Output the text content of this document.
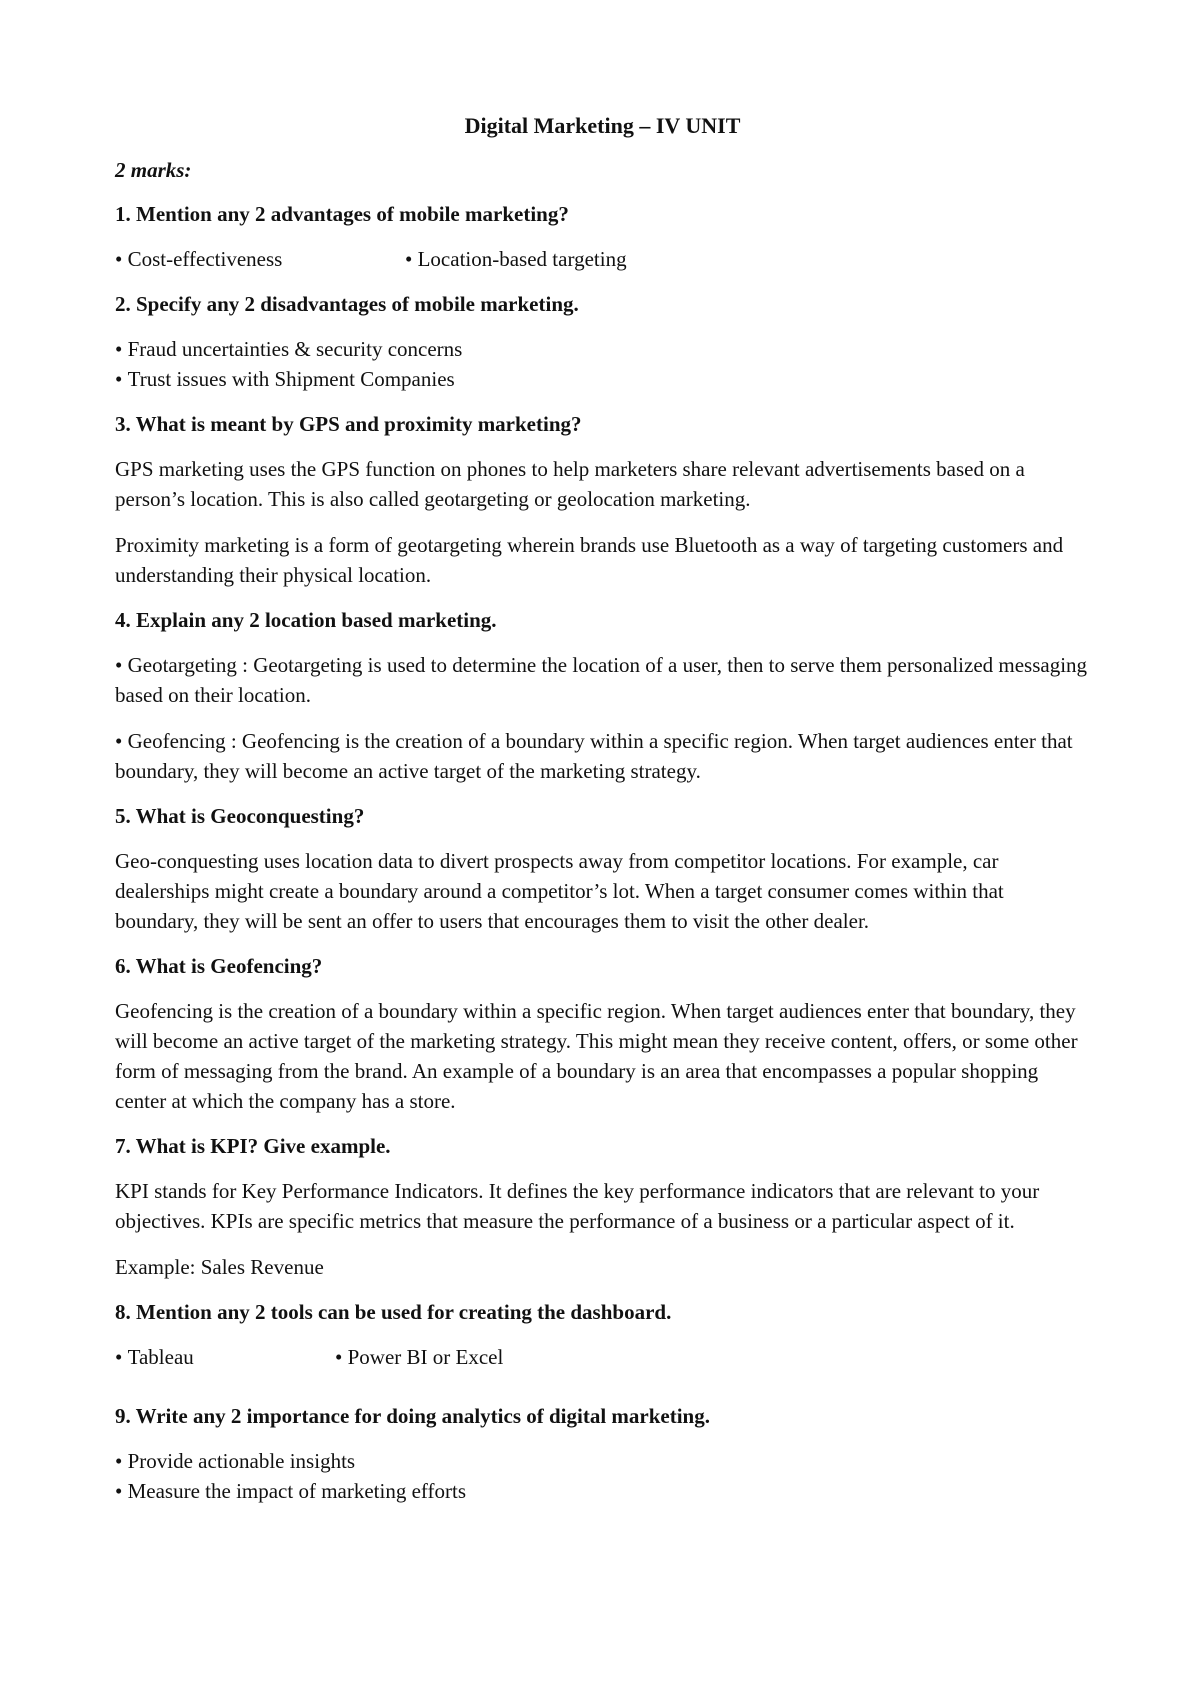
Digital Marketing – IV UNIT
2 marks:
1. Mention any 2 advantages of mobile marketing?
• Cost-effectiveness	• Location-based targeting
2. Specify any 2 disadvantages of mobile marketing.
• Fraud uncertainties & security concerns
• Trust issues with Shipment Companies
3. What is meant by GPS and proximity marketing?
GPS marketing uses the GPS function on phones to help marketers share relevant advertisements based on a person’s location. This is also called geotargeting or geolocation marketing.
Proximity marketing is a form of geotargeting wherein brands use Bluetooth as a way of targeting customers and understanding their physical location.
4. Explain any 2 location based marketing.
• Geotargeting : Geotargeting is used to determine the location of a user, then to serve them personalized messaging based on their location.
• Geofencing : Geofencing is the creation of a boundary within a specific region. When target audiences enter that boundary, they will become an active target of the marketing strategy.
5. What is Geoconquesting?
Geo-conquesting uses location data to divert prospects away from competitor locations. For example, car dealerships might create a boundary around a competitor’s lot. When a target consumer comes within that boundary, they will be sent an offer to users that encourages them to visit the other dealer.
6. What is Geofencing?
Geofencing is the creation of a boundary within a specific region. When target audiences enter that boundary, they will become an active target of the marketing strategy. This might mean they receive content, offers, or some other form of messaging from the brand. An example of a boundary is an area that encompasses a popular shopping center at which the company has a store.
7. What is KPI? Give example.
KPI stands for Key Performance Indicators. It defines the key performance indicators that are relevant to your objectives. KPIs are specific metrics that measure the performance of a business or a particular aspect of it.
Example: Sales Revenue
8. Mention any 2 tools can be used for creating the dashboard.
• Tableau	• Power BI or Excel
9. Write any 2 importance for doing analytics of digital marketing.
• Provide actionable insights
• Measure the impact of marketing efforts
